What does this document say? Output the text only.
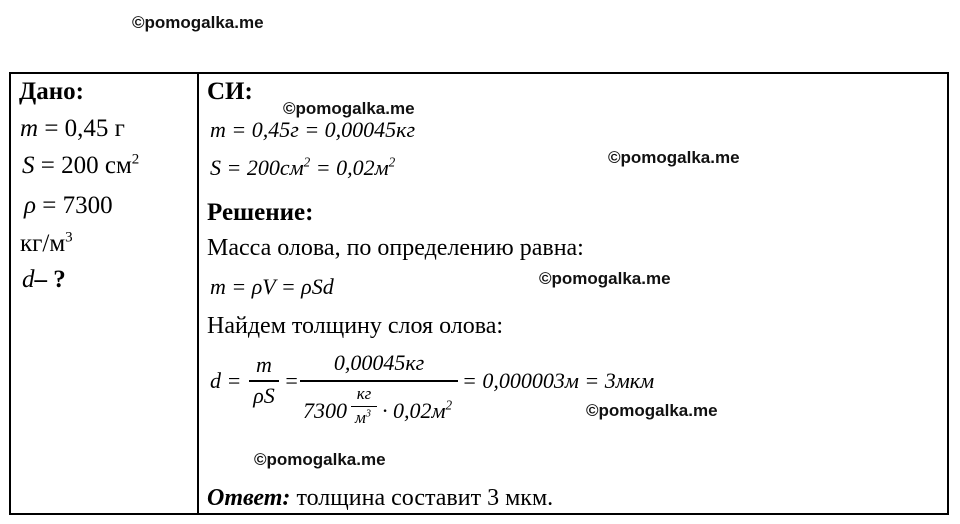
©pomogalka.me
©pomogalka.me
©pomogalka.me
©pomogalka.me
©pomogalka.me
©pomogalka.me
Дано:
m = 0,45 г
S = 200 $см^2$
ρ = 7300
$кг/м^3$
d– ?
СИ:
m = 0,45г = 0,00045кг
$S = 200см^2 = 0,02м^2$
Решение:
Масса олова, по определению равна:
m = ρV = ρSd
Найдем толщину слоя олова:
d =
m
ρS
=
0,00045кг
7300
кг
$м^3 \cdot 0,02м^2$
= 0,000003м = 3мкм
Ответ: толщина составит 3 мкм.
